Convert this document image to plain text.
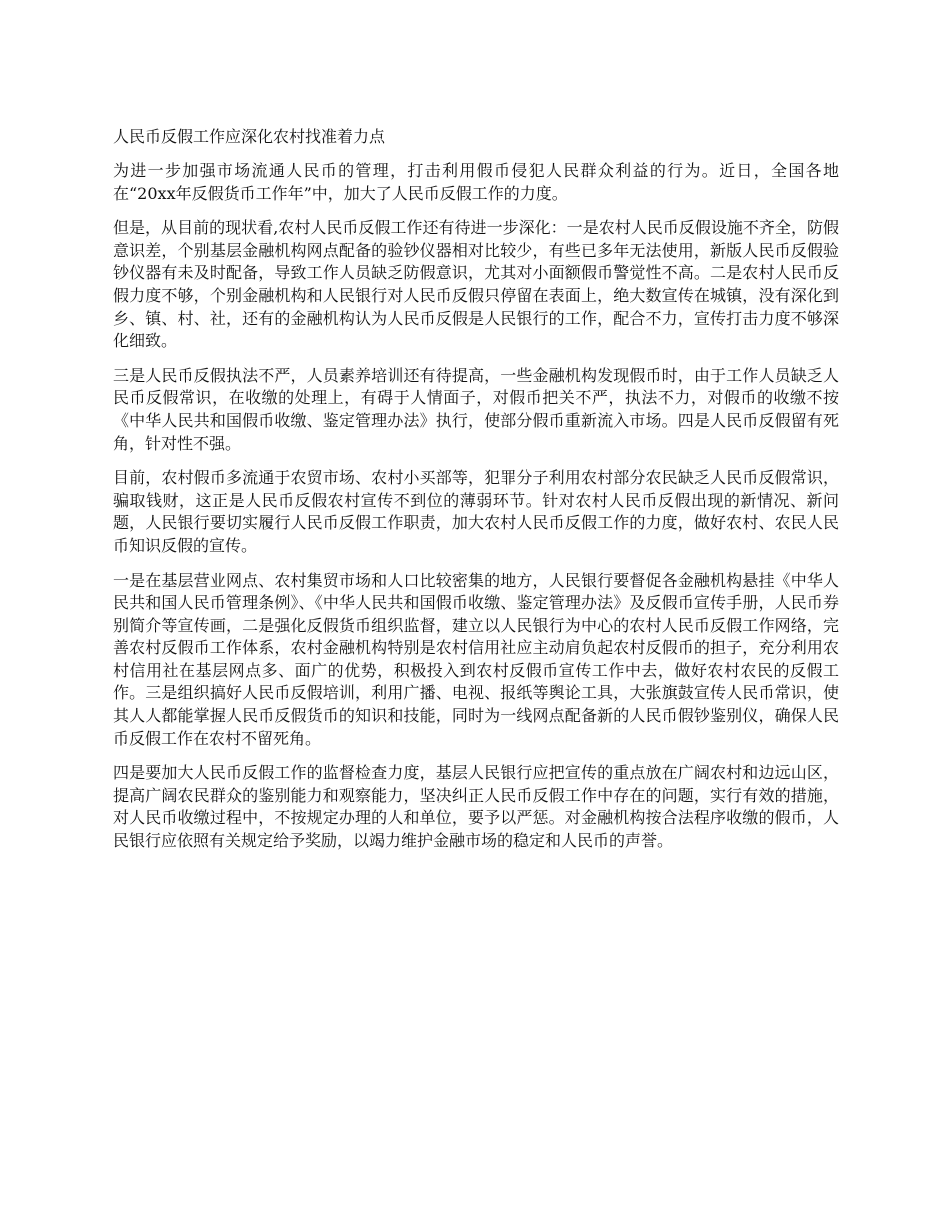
人民币反假工作应深化农村找准着力点

为进一步加强市场流通人民币的管理，打击利用假币侵犯人民群众利益的行为。近日，全国各地在“20xx年反假货币工作年”中，加大了人民币反假工作的力度。

但是，从目前的现状看,农村人民币反假工作还有待进一步深化：一是农村人民币反假设施不齐全，防假意识差，个别基层金融机构网点配备的验钞仪器相对比较少，有些已多年无法使用，新版人民币反假验钞仪器有未及时配备，导致工作人员缺乏防假意识，尤其对小面额假币警觉性不高。二是农村人民币反假力度不够，个别金融机构和人民银行对人民币反假只停留在表面上，绝大数宣传在城镇，没有深化到乡、镇、村、社，还有的金融机构认为人民币反假是人民银行的工作，配合不力，宣传打击力度不够深化细致。

三是人民币反假执法不严，人员素养培训还有待提高，一些金融机构发现假币时，由于工作人员缺乏人民币反假常识，在收缴的处理上，有碍于人情面子，对假币把关不严，执法不力，对假币的收缴不按《中华人民共和国假币收缴、鉴定管理办法》执行，使部分假币重新流入市场。四是人民币反假留有死角，针对性不强。

目前，农村假币多流通于农贸市场、农村小买部等，犯罪分子利用农村部分农民缺乏人民币反假常识，骗取钱财，这正是人民币反假农村宣传不到位的薄弱环节。针对农村人民币反假出现的新情况、新问题，人民银行要切实履行人民币反假工作职责，加大农村人民币反假工作的力度，做好农村、农民人民币知识反假的宣传。

一是在基层营业网点、农村集贸市场和人口比较密集的地方，人民银行要督促各金融机构悬挂《中华人民共和国人民币管理条例》、《中华人民共和国假币收缴、鉴定管理办法》及反假币宣传手册，人民币券别简介等宣传画，二是强化反假货币组织监督，建立以人民银行为中心的农村人民币反假工作网络，完善农村反假币工作体系，农村金融机构特别是农村信用社应主动肩负起农村反假币的担子，充分利用农村信用社在基层网点多、面广的优势，积极投入到农村反假币宣传工作中去，做好农村农民的反假工作。三是组织搞好人民币反假培训，利用广播、电视、报纸等舆论工具，大张旗鼓宣传人民币常识，使其人人都能掌握人民币反假货币的知识和技能，同时为一线网点配备新的人民币假钞鉴别仪，确保人民币反假工作在农村不留死角。

四是要加大人民币反假工作的监督检查力度，基层人民银行应把宣传的重点放在广阔农村和边远山区，提高广阔农民群众的鉴别能力和观察能力，坚决纠正人民币反假工作中存在的问题，实行有效的措施，对人民币收缴过程中，不按规定办理的人和单位，要予以严惩。对金融机构按合法程序收缴的假币，人民银行应依照有关规定给予奖励，以竭力维护金融市场的稳定和人民币的声誉。
